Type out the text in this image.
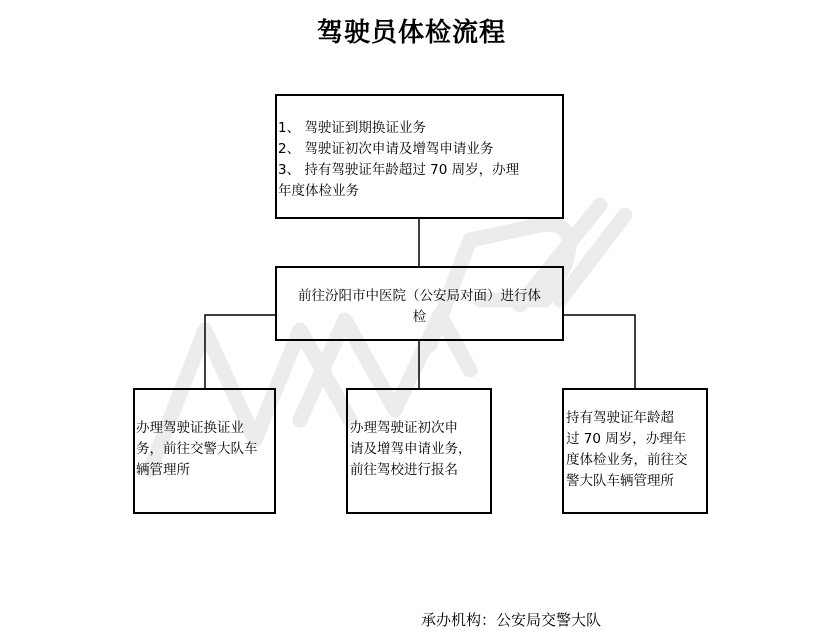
驾驶员体检流程
1、 驾驶证到期换证业务
2、 驾驶证初次申请及增驾申请业务
3、 持有驾驶证年龄超过 70 周岁，办理
年度体检业务
前往汾阳市中医院（公安局对面）进行体
检
办理驾驶证换证业
务，前往交警大队车
辆管理所
办理驾驶证初次申
请及增驾申请业务，
前往驾校进行报名
持有驾驶证年龄超
过 70 周岁，办理年
度体检业务，前往交
警大队车辆管理所
承办机构：公安局交警大队
